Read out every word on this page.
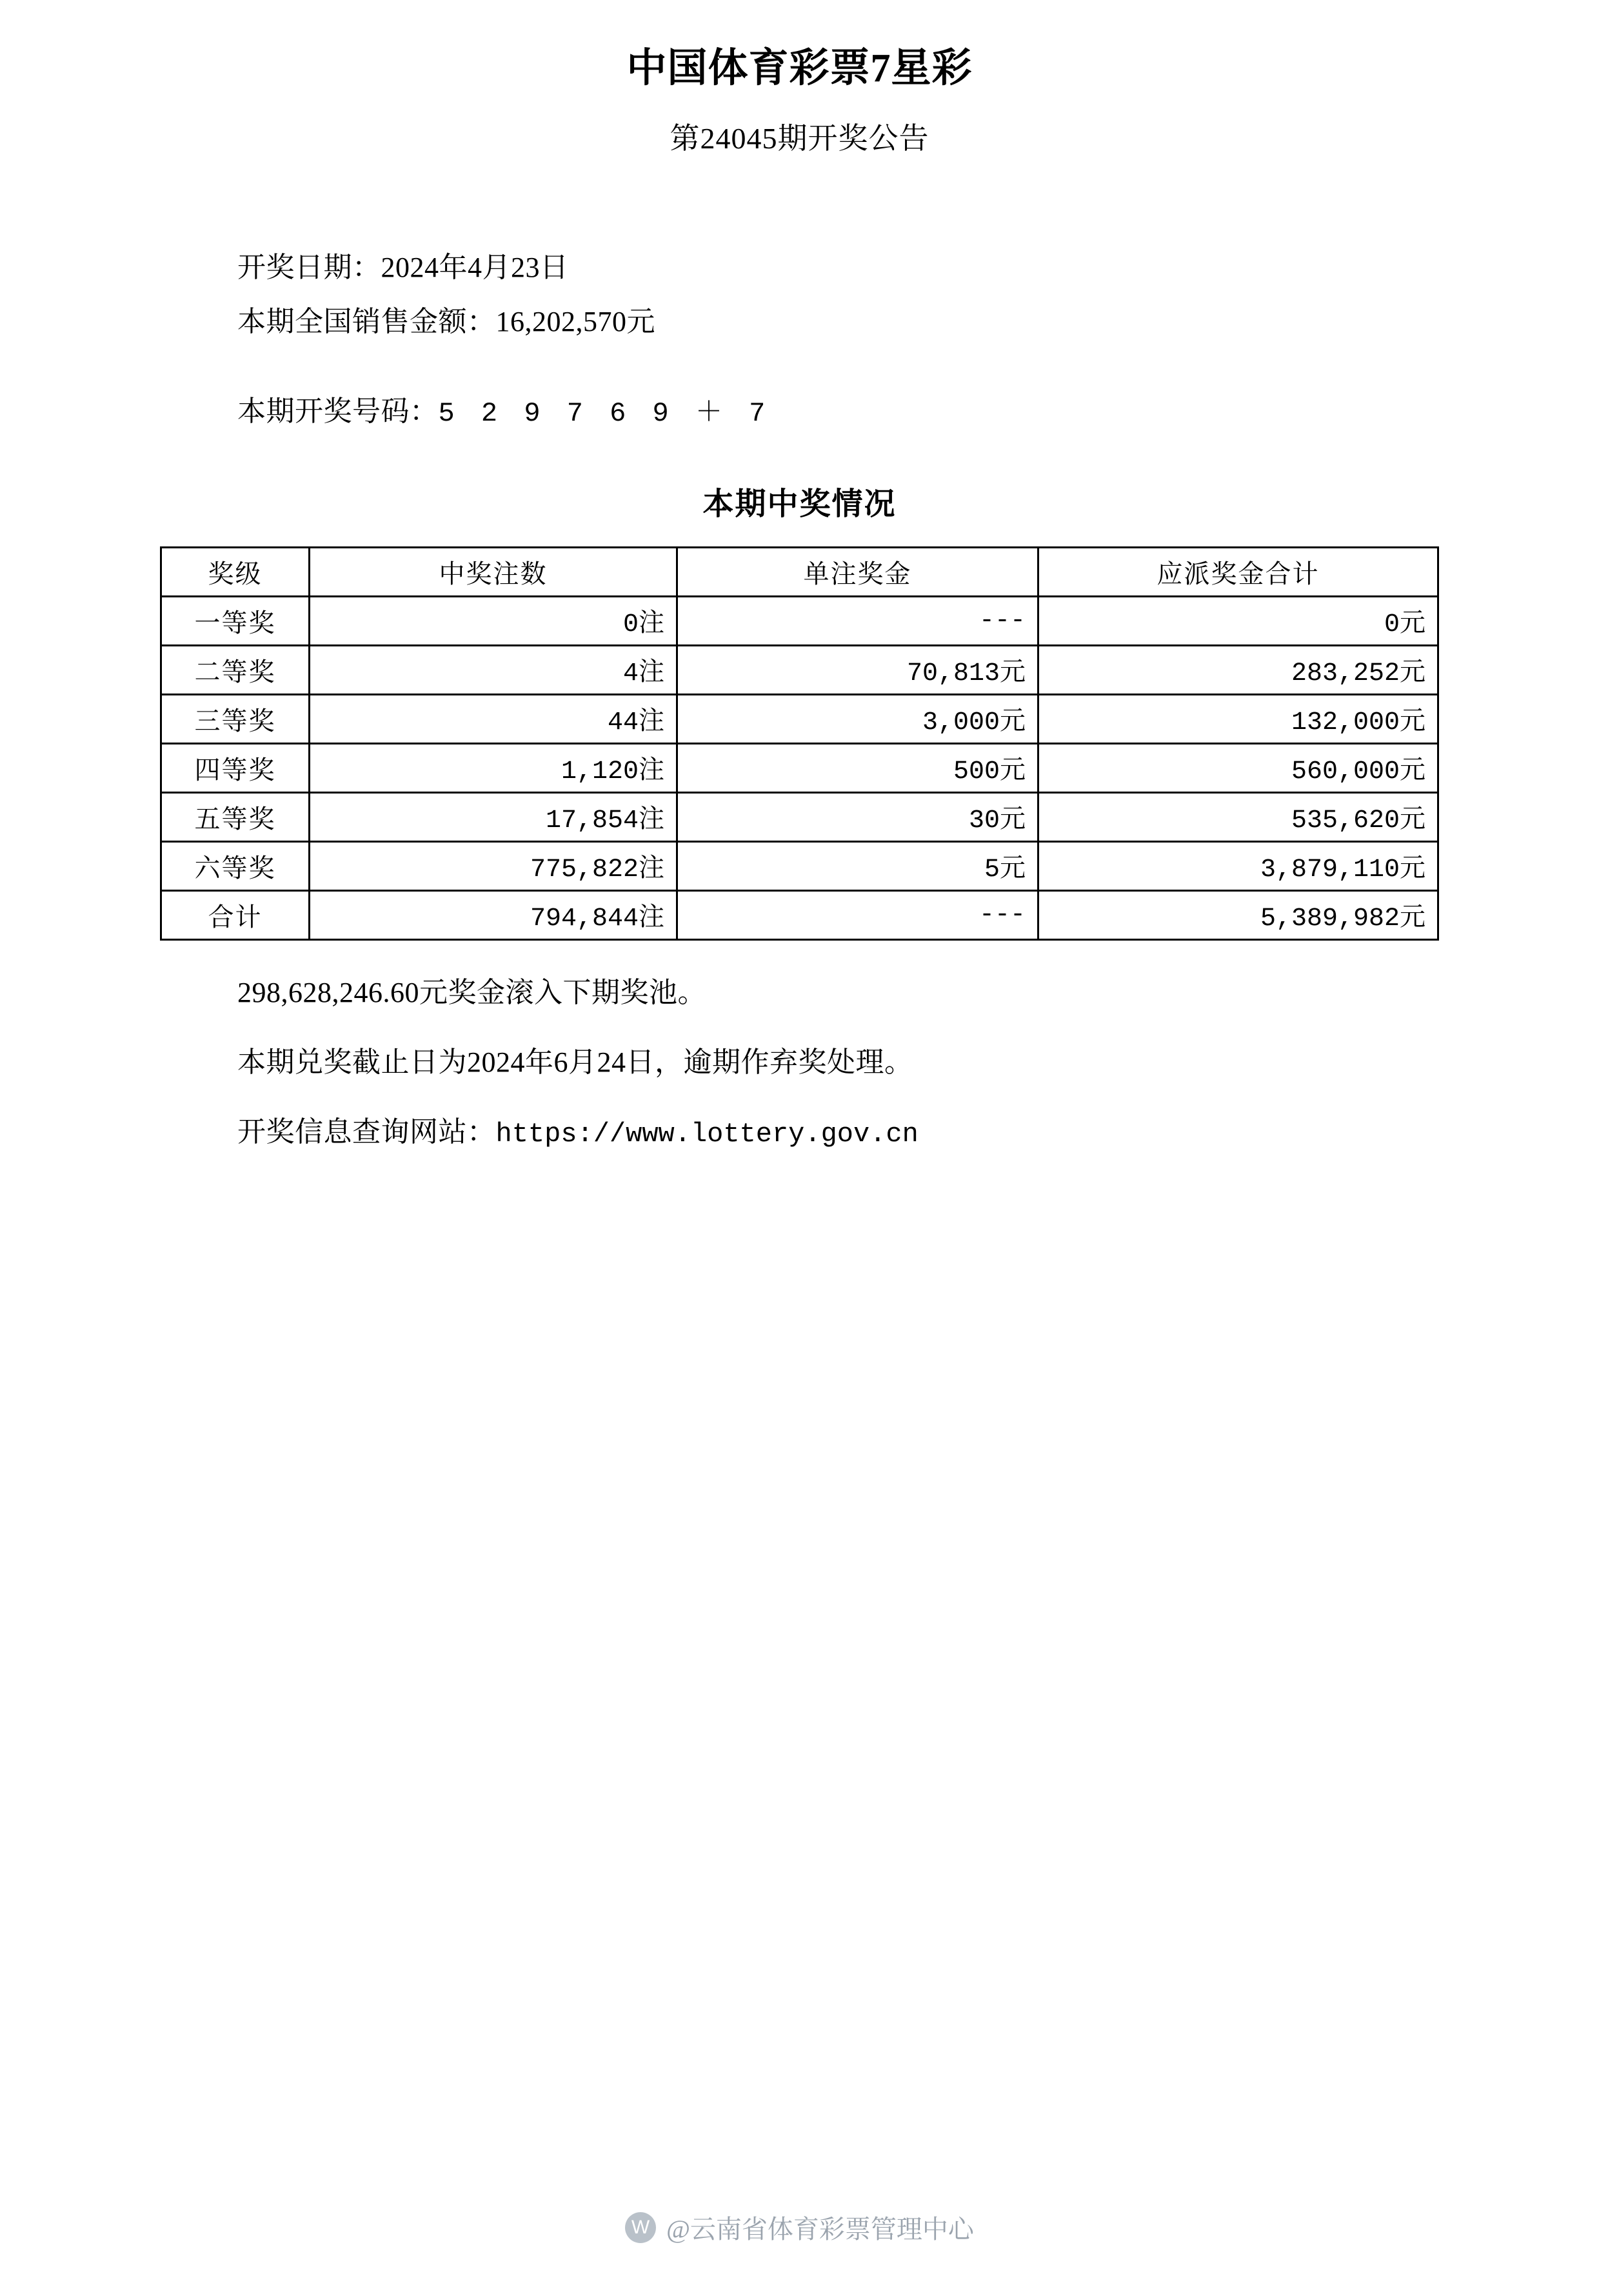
中国体育彩票7星彩
第24045期开奖公告
开奖日期：2024年4月23日
本期全国销售金额：16,202,570元
本期开奖号码：5 2 9 7 6 9 ＋ 7
本期中奖情况
奖级	中奖注数	单注奖金	应派奖金合计
一等奖	0注	---	0元
二等奖	4注	70,813元	283,252元
三等奖	44注	3,000元	132,000元
四等奖	1,120注	500元	560,000元
五等奖	17,854注	30元	535,620元
六等奖	775,822注	5元	3,879,110元
合计	794,844注	---	5,389,982元
298,628,246.60元奖金滚入下期奖池。
本期兑奖截止日为2024年6月24日，逾期作弃奖处理。
开奖信息查询网站：https://www.lottery.gov.cn
W
@云南省体育彩票管理中心
